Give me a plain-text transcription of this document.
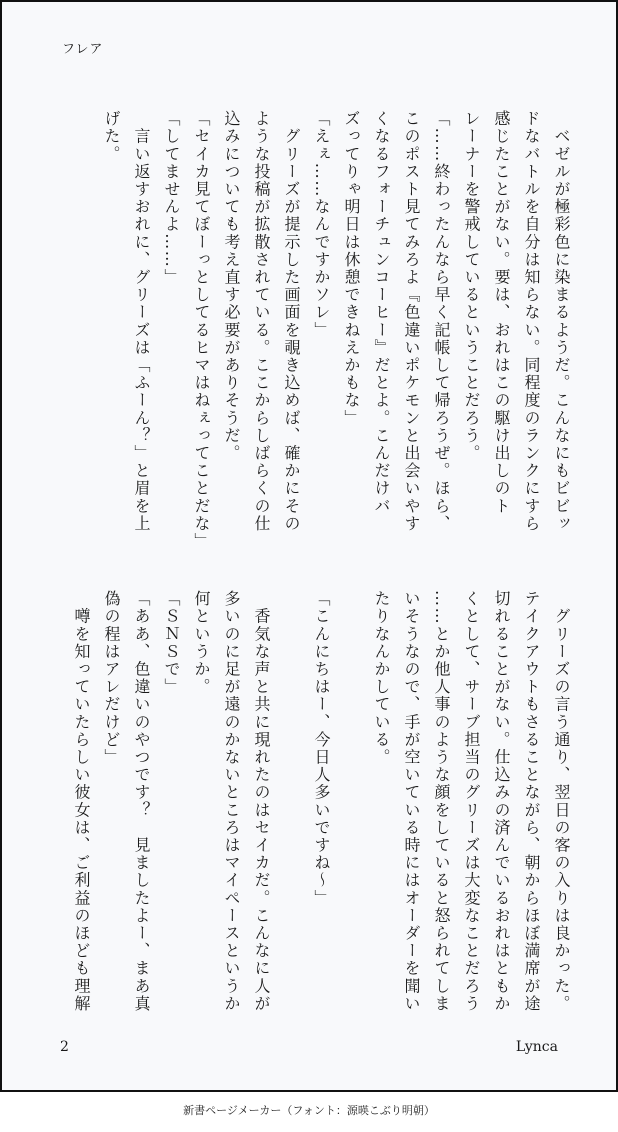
フレア
　ベゼルが極彩色に染まるようだ。こんなにもビビッ
ドなバトルを自分は知らない。同程度のランクにすら
感じたことがない。要は、おれはこの駆け出しのト
レーナーを警戒しているということだろう。
「……終わったんなら早く記帳して帰ろうぜ。ほら、
このポスト見てみろよ『色違いポケモンと出会いやす
くなるフォーチュンコーヒー』だとよ。こんだけバ
ズってりゃ明日は休憩できねえかもな」
「えぇ……なんですかソレ」
　グリーズが提示した画面を覗き込めば、確かにその
ような投稿が拡散されている。ここからしばらくの仕
込みについても考え直す必要がありそうだ。
「セイカ見てぼーっとしてるヒマはねぇってことだな」
「してませんよ……」
　言い返すおれに、グリーズは「ふーん？」と眉を上
げた。
　グリーズの言う通り、翌日の客の入りは良かった。
テイクアウトもさることながら、朝からほぼ満席が途
切れることがない。仕込みの済んでいるおれはともか
くとして、サーブ担当のグリーズは大変なことだろう
……とか他人事のような顔をしていると怒られてしま
いそうなので、手が空いている時にはオーダーを聞い
たりなんかしている。

「こんにちはー、今日人多いですね〜」

　香気な声と共に現れたのはセイカだ。こんなに人が
多いのに足が遠のかないところはマイペースというか
何というか。
「ＳＮＳで」
「ああ、色違いのやつです？　見ましたよー、まあ真
偽の程はアレだけど」
　噂を知っていたらしい彼女は、ご利益のほども理解
2	Lynca
新書ページメーカー（フォント：源暎こぶり明朝）
